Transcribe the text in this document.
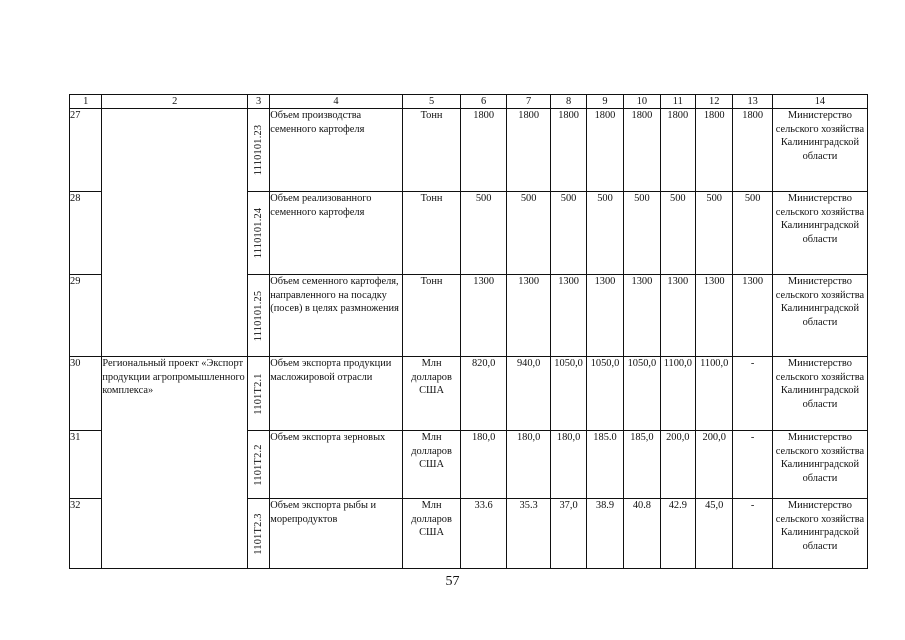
1	2	3	4	5	6	7	8	9	10	11	12	13	14
27		1110101.23	Объем производства семенного картофеля	Тонн	1800	1800	1800	1800	1800	1800	1800	1800	Министерство сельского хозяйства Калининградской области
28		1110101.24	Объем реализованного семенного картофеля	Тонн	500	500	500	500	500	500	500	500	Министерство сельского хозяйства Калининградской области
29		1110101.25	Объем семенного картофеля, направленного на посадку (посев) в целях размножения	Тонн	1300	1300	1300	1300	1300	1300	1300	1300	Министерство сельского хозяйства Калининградской области
30	Региональный проект «Экспорт продукции агропромышленного комплекса»	1101Т2.1	Объем экспорта продукции масложировой отрасли	Млн долларов США	820,0	940,0	1050,0	1050,0	1050,0	1100,0	1100,0	-	Министерство сельского хозяйства Калининградской области
31		1101Т2.2	Объем экспорта зерновых	Млн долларов США	180,0	180,0	180,0	185.0	185,0	200,0	200,0	-	Министерство сельского хозяйства Калининградской области
32		1101Т2.3	Объем экспорта рыбы и морепродуктов	Млн долларов США	33.6	35.3	37,0	38.9	40.8	42.9	45,0	-	Министерство сельского хозяйства Калининградской области
57
